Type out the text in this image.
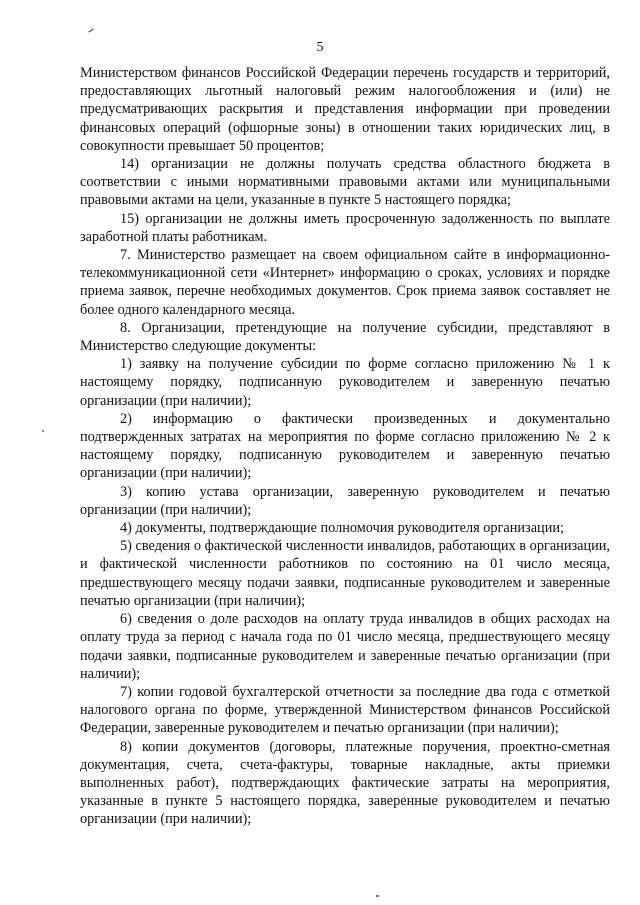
5

Министерством финансов Российской Федерации перечень государств и территорий, предоставляющих льготный налоговый режим налогообложения и (или) не предусматривающих раскрытия и представления информации при проведении финансовых операций (офшорные зоны) в отношении таких юридических лиц, в совокупности превышает 50 процентов;

14) организации не должны получать средства областного бюджета в соответствии с иными нормативными правовыми актами или муниципальными правовыми актами на цели, указанные в пункте 5 настоящего порядка;

15) организации не должны иметь просроченную задолженность по выплате заработной платы работникам.

7. Министерство размещает на своем официальном сайте в информационно-телекоммуникационной сети «Интернет» информацию о сроках, условиях и порядке приема заявок, перечне необходимых документов. Срок приема заявок составляет не более одного календарного месяца.

8. Организации, претендующие на получение субсидии, представляют в Министерство следующие документы:

1) заявку на получение субсидии по форме согласно приложению № 1 к настоящему порядку, подписанную руководителем и заверенную печатью организации (при наличии);

2) информацию о фактически произведенных и документально подтвержденных затратах на мероприятия по форме согласно приложению № 2 к настоящему порядку, подписанную руководителем и заверенную печатью организации (при наличии);

3) копию устава организации, заверенную руководителем и печатью организации (при наличии);

4) документы, подтверждающие полномочия руководителя организации;

5) сведения о фактической численности инвалидов, работающих в организации, и фактической численности работников по состоянию на 01 число месяца, предшествующего месяцу подачи заявки, подписанные руководителем и заверенные печатью организации (при наличии);

6) сведения о доле расходов на оплату труда инвалидов в общих расходах на оплату труда за период с начала года по 01 число месяца, предшествующего месяцу подачи заявки, подписанные руководителем и заверенные печатью организации (при наличии);

7) копии годовой бухгалтерской отчетности за последние два года с отметкой налогового органа по форме, утвержденной Министерством финансов Российской Федерации, заверенные руководителем и печатью организации (при наличии);

8) копии документов (договоры, платежные поручения, проектно-сметная документация, счета, счета-фактуры, товарные накладные, акты приемки выполненных работ), подтверждающих фактические затраты на мероприятия, указанные в пункте 5 настоящего порядка, заверенные руководителем и печатью организации (при наличии);
